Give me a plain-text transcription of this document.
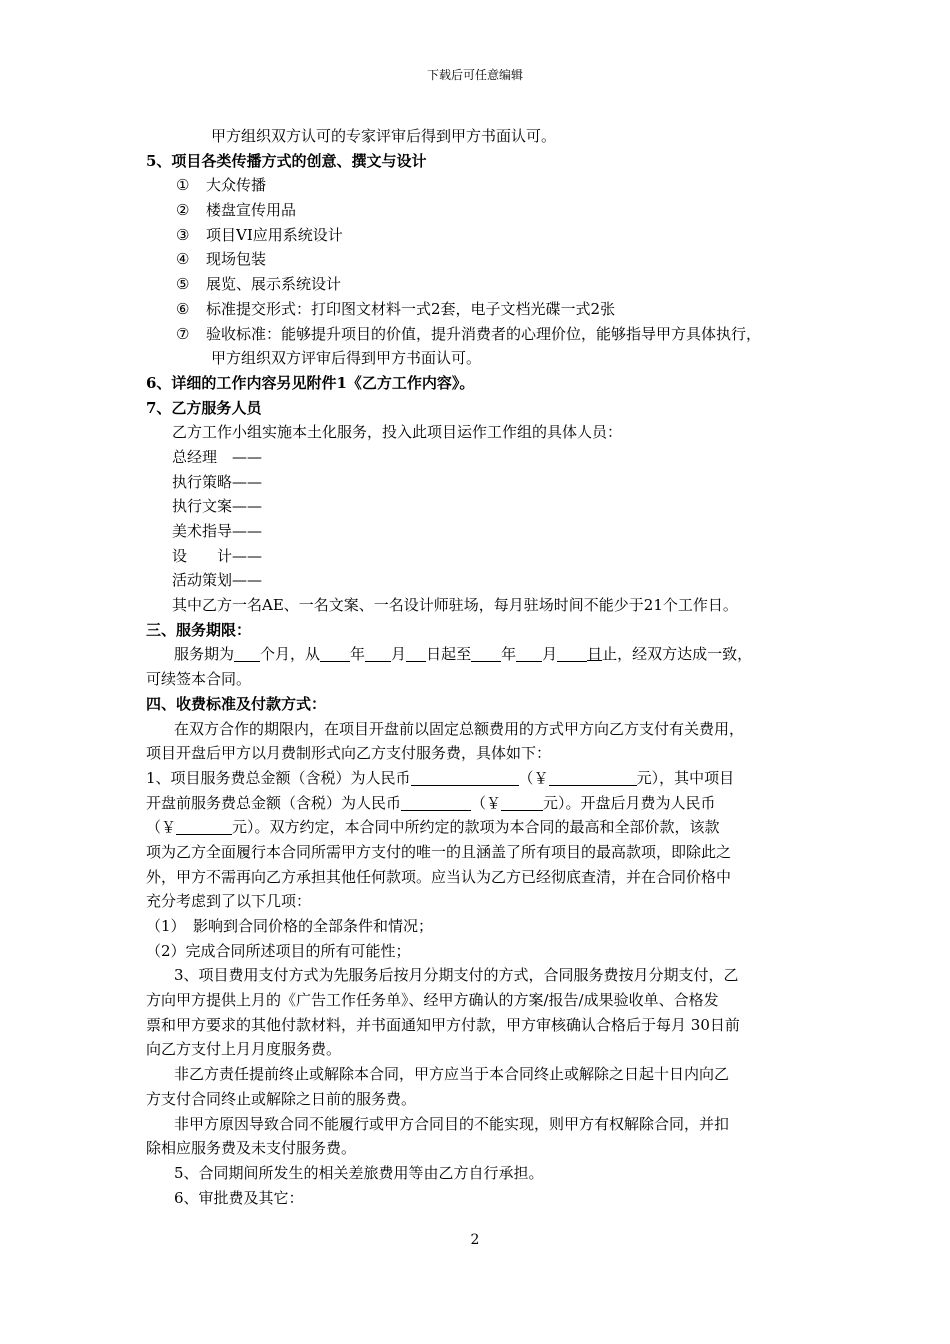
下载后可任意编辑
甲方组织双方认可的专家评审后得到甲方书面认可。
5、项目各类传播方式的创意、撰文与设计
① 大众传播
② 楼盘宣传用品
③ 项目VI应用系统设计
④ 现场包装
⑤ 展览、展示系统设计
⑥ 标准提交形式：打印图文材料一式2套，电子文档光碟一式2张
⑦ 验收标准：能够提升项目的价值，提升消费者的心理价位，能够指导甲方具体执行，
甲方组织双方评审后得到甲方书面认可。
6、详细的工作内容另见附件1《乙方工作内容》。
7、乙方服务人员
乙方工作小组实施本土化服务，投入此项目运作工作组的具体人员：
总经理　——
执行策略——
执行文案——
美术指导——
设　　计——
活动策划——
其中乙方一名AE、一名文案、一名设计师驻场，每月驻场时间不能少于21个工作日。
三、服务期限：
服务期为 个月，从 年 月 日起至 年 月 日止，经双方达成一致，
可续签本合同。
四、收费标准及付款方式：
在双方合作的期限内，在项目开盘前以固定总额费用的方式甲方向乙方支付有关费用，
项目开盘后甲方以月费制形式向乙方支付服务费，具体如下：
1、项目服务费总金额（含税）为人民币	（￥	元），其中项目
开盘前服务费总金额（含税）为人民币	（￥	元）。开盘后月费为人民币
（￥	元）。双方约定，本合同中所约定的款项为本合同的最高和全部价款，该款
项为乙方全面履行本合同所需甲方支付的唯一的且涵盖了所有项目的最高款项，即除此之
外，甲方不需再向乙方承担其他任何款项。应当认为乙方已经彻底查清，并在合同价格中
充分考虑到了以下几项：
（1）　影响到合同价格的全部条件和情况；
（2）完成合同所述项目的所有可能性；
3、项目费用支付方式为先服务后按月分期支付的方式，合同服务费按月分期支付，乙
方向甲方提供上月的《广告工作任务单》、经甲方确认的方案/报告/成果验收单、合格发
票和甲方要求的其他付款材料，并书面通知甲方付款，甲方审核确认合格后于每月 30日前
向乙方支付上月月度服务费。
非乙方责任提前终止或解除本合同，甲方应当于本合同终止或解除之日起十日内向乙
方支付合同终止或解除之日前的服务费。
非甲方原因导致合同不能履行或甲方合同目的不能实现，则甲方有权解除合同，并扣
除相应服务费及未支付服务费。
5、合同期间所发生的相关差旅费用等由乙方自行承担。
6、审批费及其它：
2
